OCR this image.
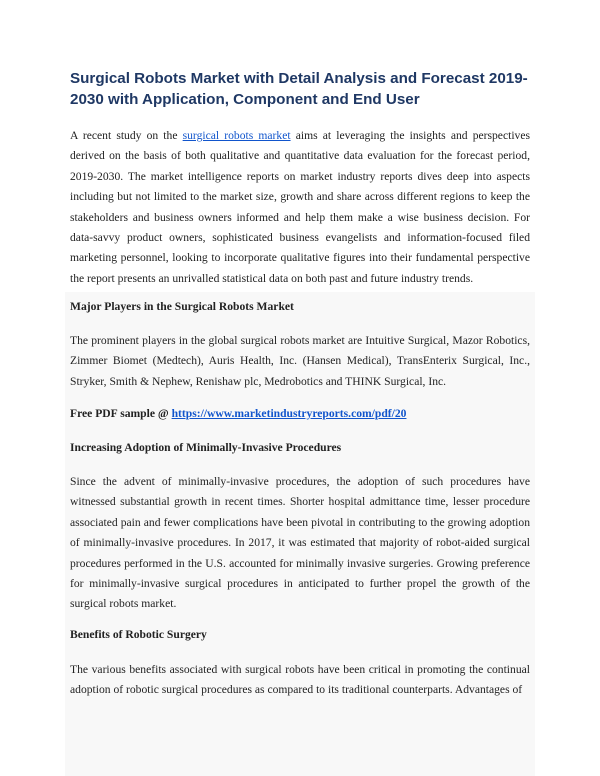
Surgical Robots Market with Detail Analysis and Forecast 2019-2030 with Application, Component and End User

A recent study on the surgical robots market aims at leveraging the insights and perspectives derived on the basis of both qualitative and quantitative data evaluation for the forecast period, 2019-2030. The market intelligence reports on market industry reports dives deep into aspects including but not limited to the market size, growth and share across different regions to keep the stakeholders and business owners informed and help them make a wise business decision. For data-savvy product owners, sophisticated business evangelists and information-focused filed marketing personnel, looking to incorporate qualitative figures into their fundamental perspective the report presents an unrivalled statistical data on both past and future industry trends.

Major Players in the Surgical Robots Market

The prominent players in the global surgical robots market are Intuitive Surgical, Mazor Robotics, Zimmer Biomet (Medtech), Auris Health, Inc. (Hansen Medical), TransEnterix Surgical, Inc., Stryker, Smith & Nephew, Renishaw plc, Medrobotics and THINK Surgical, Inc.

Free PDF sample @ https://www.marketindustryreports.com/pdf/20

Increasing Adoption of Minimally-Invasive Procedures

Since the advent of minimally-invasive procedures, the adoption of such procedures have witnessed substantial growth in recent times. Shorter hospital admittance time, lesser procedure associated pain and fewer complications have been pivotal in contributing to the growing adoption of minimally-invasive procedures. In 2017, it was estimated that majority of robot-aided surgical procedures performed in the U.S. accounted for minimally invasive surgeries. Growing preference for minimally-invasive surgical procedures in anticipated to further propel the growth of the surgical robots market.

Benefits of Robotic Surgery

The various benefits associated with surgical robots have been critical in promoting the continual adoption of robotic surgical procedures as compared to its traditional counterparts. Advantages of
